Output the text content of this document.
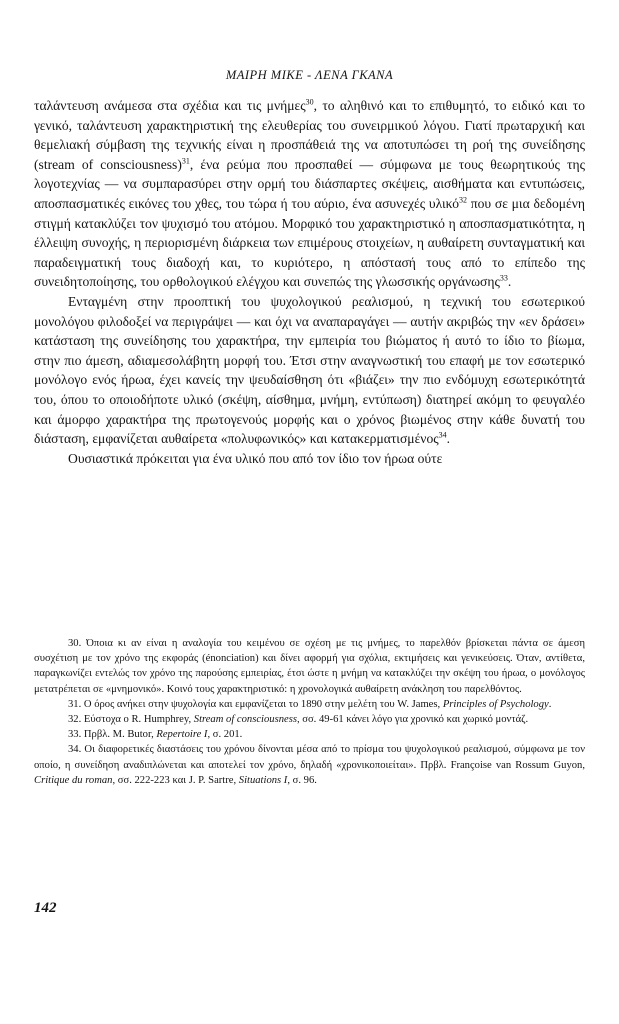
ΜΑΙΡΗ ΜΙΚΕ - ΛΕΝΑ ΓΚΑΝΑ

ταλάντευση ανάμεσα στα σχέδια και τις μνήμες$^{30}$, το αληθινό και το επιθυμητό, το ειδικό και το γενικό, ταλάντευση χαρακτηριστική της ελευθερίας του συνειρμικού λόγου. Γιατί πρωταρχική και θεμελιακή σύμβαση της τεχνικής είναι η προσπάθειά της να αποτυπώσει τη ροή της συνείδησης (stream of consciousness)$^{31}$, ένα ρεύμα που προσπαθεί — σύμφωνα με τους θεωρητικούς της λογοτεχνίας — να συμπαρασύρει στην ορμή του διάσπαρτες σκέψεις, αισθήματα και εντυπώσεις, αποσπασματικές εικόνες του χθες, του τώρα ή του αύριο, ένα ασυνεχές υλικό$^{32}$ που σε μια δεδομένη στιγμή κατακλύζει τον ψυχισμό του ατόμου. Μορφικό του χαρακτηριστικό η αποσπασματικότητα, η έλλειψη συνοχής, η περιορισμένη διάρκεια των επιμέρους στοιχείων, η αυθαίρετη συνταγματική και παραδειγματική τους διαδοχή και, το κυριότερο, η απόστασή τους από το επίπεδο της συνειδητοποίησης, του ορθολογικού ελέγχου και συνεπώς της γλωσσικής οργάνωσης$^{33}$.

Ενταγμένη στην προοπτική του ψυχολογικού ρεαλισμού, η τεχνική του εσωτερικού μονολόγου φιλοδοξεί να περιγράψει — και όχι να αναπαραγάγει — αυτήν ακριβώς την «εν δράσει» κατάσταση της συνείδησης του χαρακτήρα, την εμπειρία του βιώματος ή αυτό το ίδιο το βίωμα, στην πιο άμεση, αδιαμεσολάβητη μορφή του. Έτσι στην αναγνωστική του επαφή με τον εσωτερικό μονόλογο ενός ήρωα, έχει κανείς την ψευδαίσθηση ότι «βιάζει» την πιο ενδόμυχη εσωτερικότητά του, όπου το οποιοδήποτε υλικό (σκέψη, αίσθημα, μνήμη, εντύπωση) διατηρεί ακόμη το φευγαλέο και άμορφο χαρακτήρα της πρωτογενούς μορφής και ο χρόνος βιωμένος στην κάθε δυνατή του διάσταση, εμφανίζεται αυθαίρετα «πολυφωνικός» και κατακερματισμένος$^{34}$.

Ουσιαστικά πρόκειται για ένα υλικό που από τον ίδιο τον ήρωα ούτε

30. Όποια κι αν είναι η αναλογία του κειμένου σε σχέση με τις μνήμες, το παρελθόν βρίσκεται πάντα σε άμεση συσχέτιση με τον χρόνο της εκφοράς (énonciation) και δίνει αφορμή για σχόλια, εκτιμήσεις και γενικεύσεις. Όταν, αντίθετα, παραγκωνίζει εντελώς τον χρόνο της παρούσης εμπειρίας, έτσι ώστε η μνήμη να κατακλύζει την σκέψη του ήρωα, ο μονόλογος μετατρέπεται σε «μνημονικό». Κοινό τους χαρακτηριστικό: η χρονολογικά αυθαίρετη ανάκληση του παρελθόντος.

31. Ο όρος ανήκει στην ψυχολογία και εμφανίζεται το 1890 στην μελέτη του W. James, Principles of Psychology.

32. Εύστοχα ο R. Humphrey, Stream of consciousness, σσ. 49-61 κάνει λόγο για χρονικό και χωρικό μοντάζ.

33. Πρβλ. Μ. Butor, Repertoire I, σ. 201.

34. Οι διαφορετικές διαστάσεις του χρόνου δίνονται μέσα από το πρίσμα του ψυχολογικού ρεαλισμού, σύμφωνα με τον οποίο, η συνείδηση αναδιπλώνεται και αποτελεί τον χρόνο, δηλαδή «χρονικοποιείται». Πρβλ. Françoise van Rossum Guyon, Critique du roman, σσ. 222-223 και J. P. Sartre, Situations I, σ. 96.

142
